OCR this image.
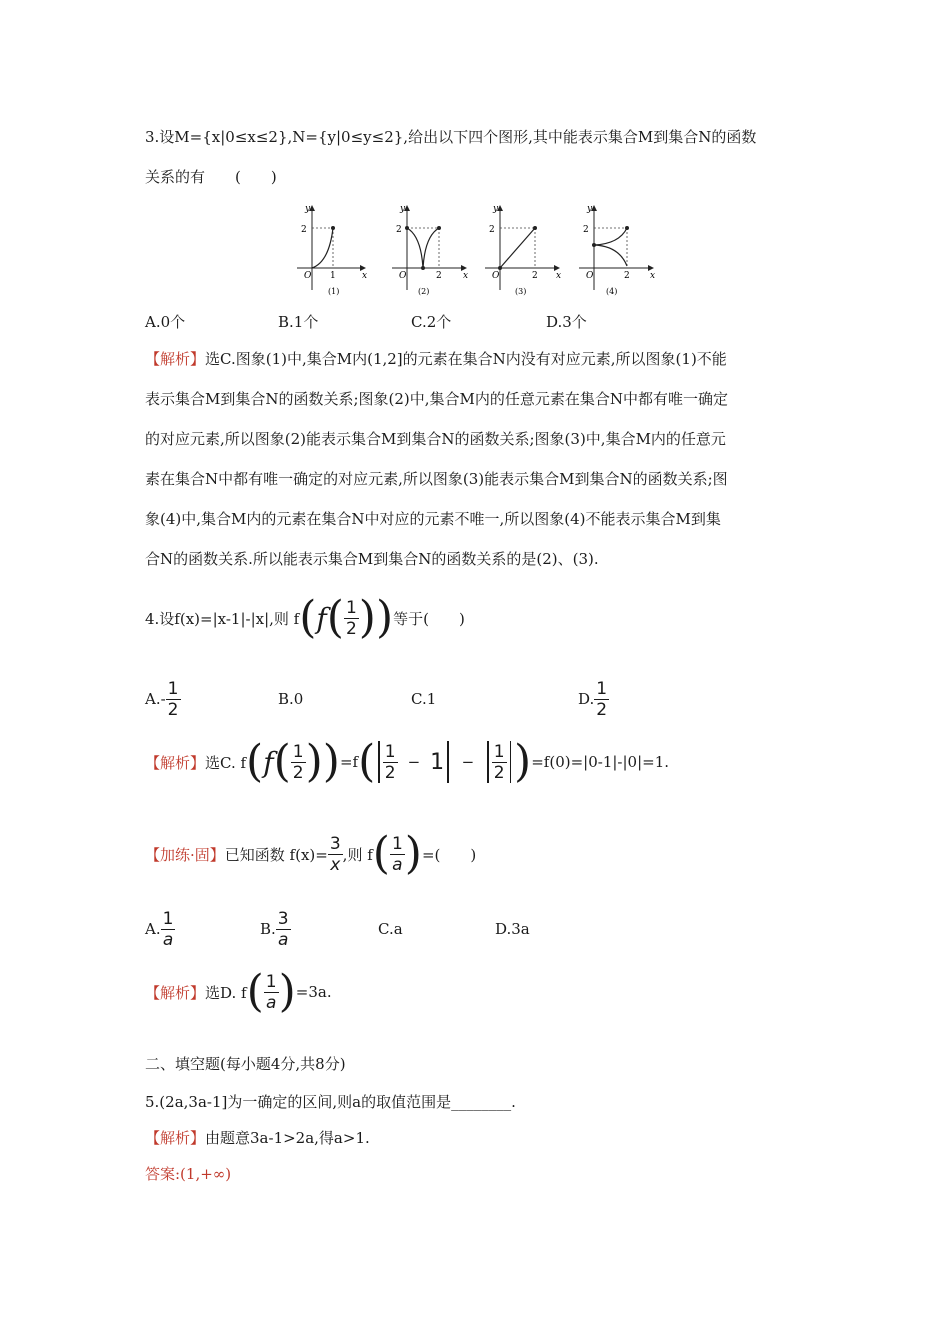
3.设M={x|0≤x≤2},N={y|0≤y≤2},给出以下四个图形,其中能表示集合M到集合N的函数
关系的有　　(　　)
y
x
O
2
1
(1)
y
x
O
2
2
(2)
y
x
O
2
2
(3)
y
x
O
2
2
(4)
A.0个	B.1个	C.2个	D.3个
【解析】选C.图象(1)中,集合M内(1,2]的元素在集合N内没有对应元素,所以图象(1)不能
表示集合M到集合N的函数关系;图象(2)中,集合M内的任意元素在集合N中都有唯一确定
的对应元素,所以图象(2)能表示集合M到集合N的函数关系;图象(3)中,集合M内的任意元
素在集合N中都有唯一确定的对应元素,所以图象(3)能表示集合M到集合N的函数关系;图
象(4)中,集合M内的元素在集合N中对应的元素不唯一,所以图象(4)不能表示集合M到集
合N的函数关系.所以能表示集合M到集合N的函数关系的是(2)、(3).
4.设f(x)=|x-1|-|x|,则 f ( f ( $\frac{1}{2}$ )) 等于(　　)
$A.- \frac{1}{2}$	B.0	C.1	D. $\frac{1}{2}$
【解析】 选C. f ( f ( $\frac{1}{2}$ )) =f ( $\frac{1}{2} - 1 - \frac{1}{2}$ ) =f(0)=|0-1|-|0|=1.
【加练·固】 已知函数 $f(x)= \frac{3}{x}$ ,则 f ( $\frac{1}{a}$ ) =(　　)
A. $\frac{1}{a}$	B. $\frac{3}{a}$	C.a	D.3a
【解析】 选D. f ( $\frac{1}{a}$ ) =3a.
二、填空题(每小题4分,共8分)
5.(2a,3a-1]为一确定的区间,则a的取值范围是________.
【解析】由题意3a-1>2a,得a>1.
答案:(1,+∞)
